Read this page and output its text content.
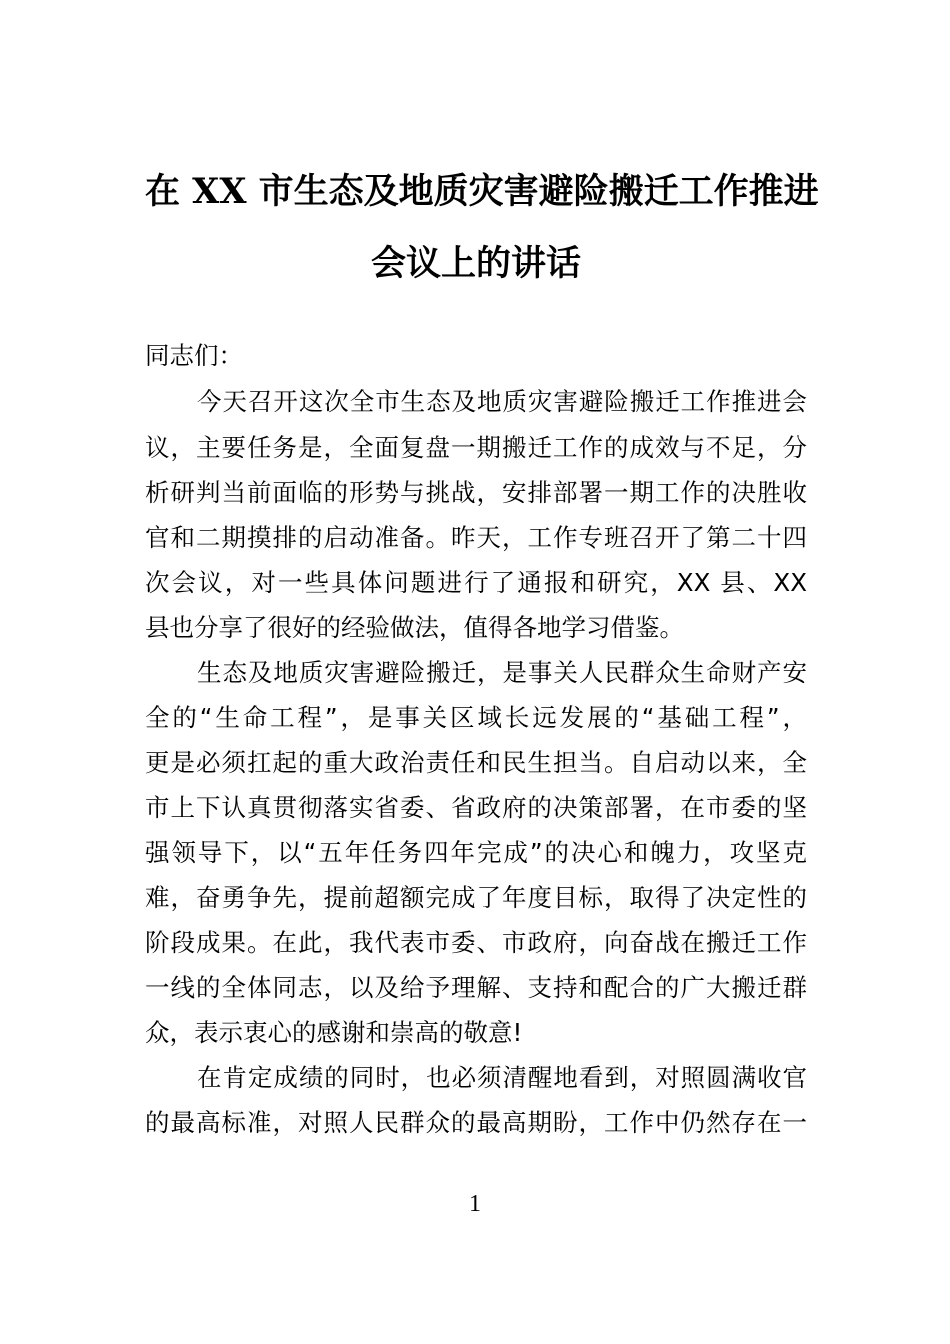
在 XX 市生态及地质灾害避险搬迁工作推进
会议上的讲话
同志们：
今天召开这次全市生态及地质灾害避险搬迁工作推进会
议，主要任务是，全面复盘一期搬迁工作的成效与不足，分
析研判当前面临的形势与挑战，安排部署一期工作的决胜收
官和二期摸排的启动准备。昨天，工作专班召开了第二十四
次会议，对一些具体问题进行了通报和研究，XX 县、XX
县也分享了很好的经验做法，值得各地学习借鉴。
生态及地质灾害避险搬迁，是事关人民群众生命财产安
全的“生命工程”，是事关区域长远发展的“基础工程”，
更是必须扛起的重大政治责任和民生担当。自启动以来，全
市上下认真贯彻落实省委、省政府的决策部署，在市委的坚
强领导下，以“五年任务四年完成”的决心和魄力，攻坚克
难，奋勇争先，提前超额完成了年度目标，取得了决定性的
阶段成果。在此，我代表市委、市政府，向奋战在搬迁工作
一线的全体同志，以及给予理解、支持和配合的广大搬迁群
众，表示衷心的感谢和崇高的敬意!
在肯定成绩的同时，也必须清醒地看到，对照圆满收官
的最高标准，对照人民群众的最高期盼，工作中仍然存在一
1
